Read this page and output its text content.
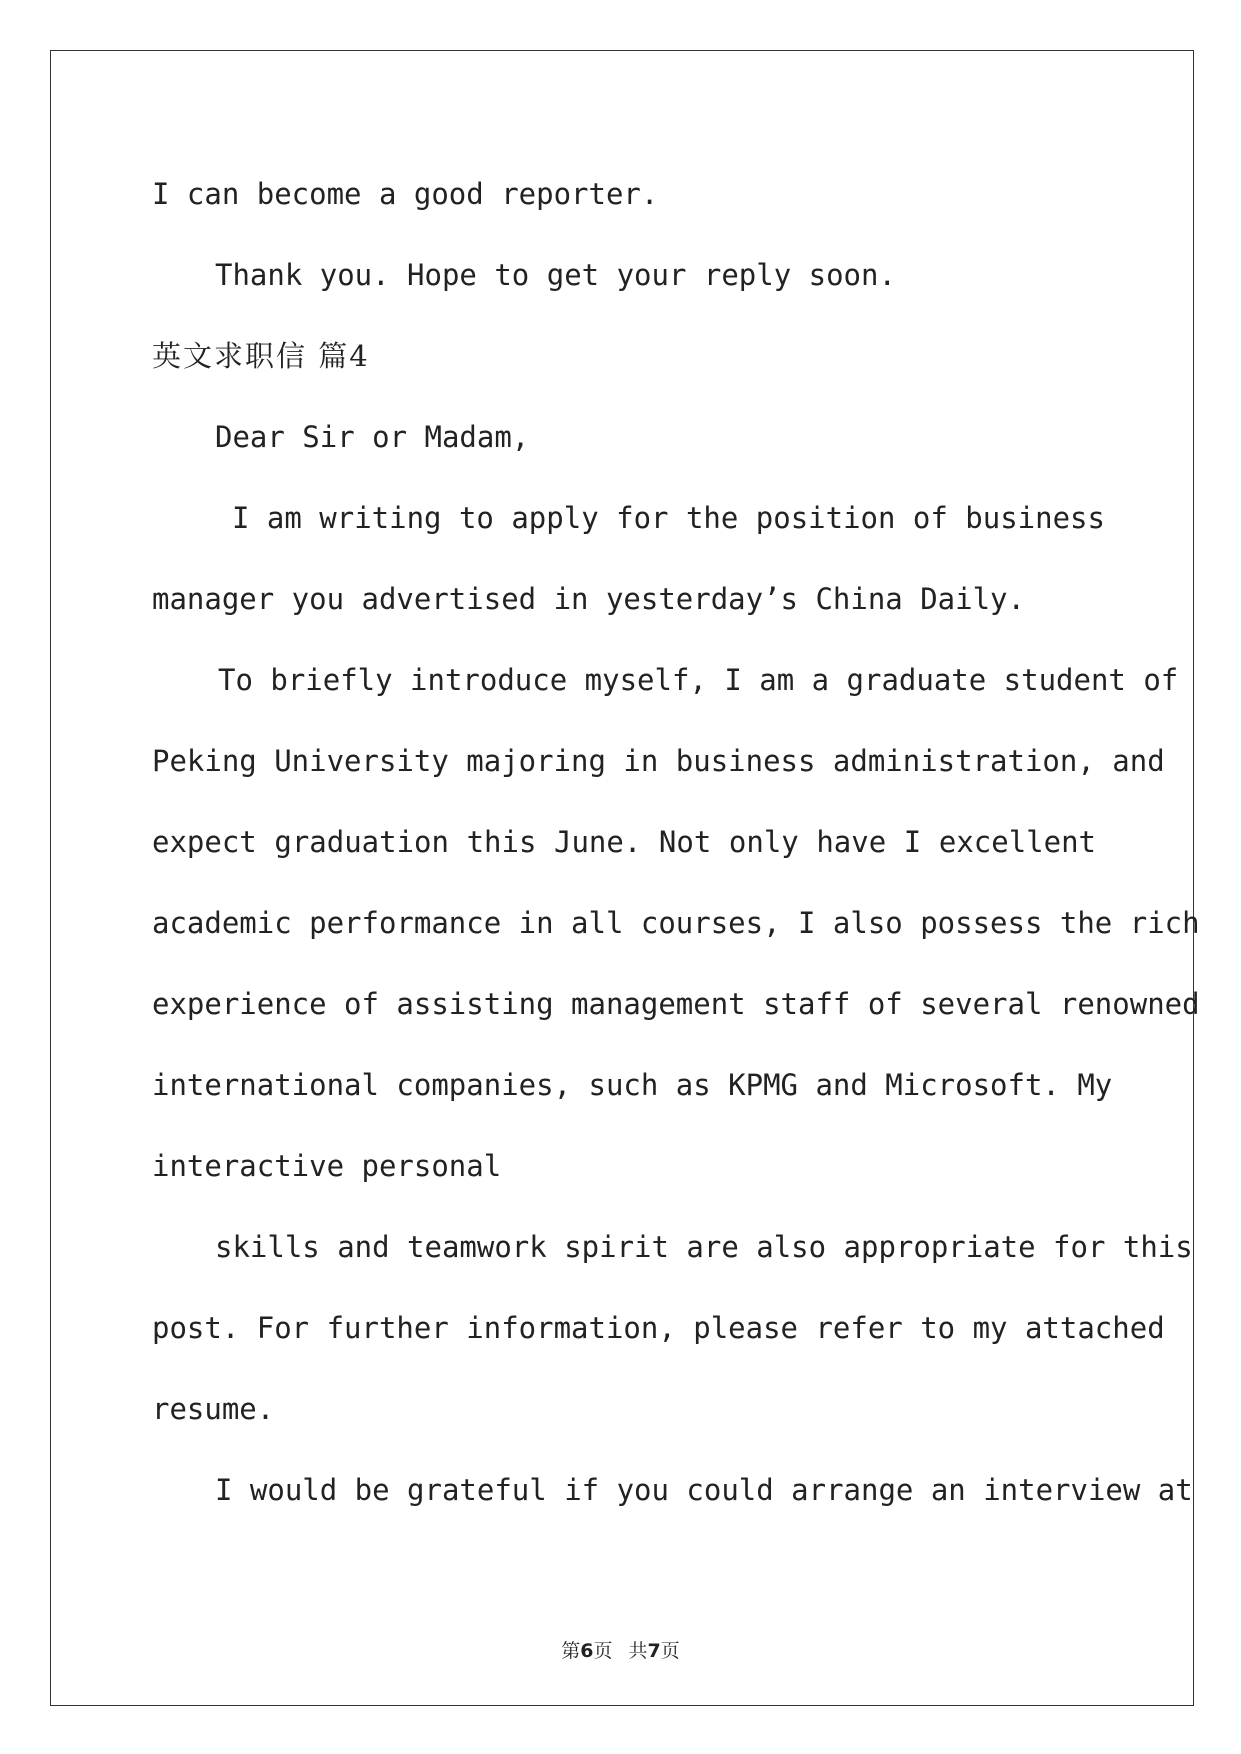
I can become a good reporter.
Thank you. Hope to get your reply soon.
英文求职信 篇4
Dear Sir or Madam,
I am writing to apply for the position of business
manager you advertised in yesterday’s China Daily.
To briefly introduce myself, I am a graduate student of
Peking University majoring in business administration, and
expect graduation this June. Not only have I excellent
academic performance in all courses, I also possess the rich
experience of assisting management staff of several renowned
international companies, such as KPMG and Microsoft. My
interactive personal
skills and teamwork spirit are also appropriate for this
post. For further information, please refer to my attached
resume.
I would be grateful if you could arrange an interview at
第6页 共7页
